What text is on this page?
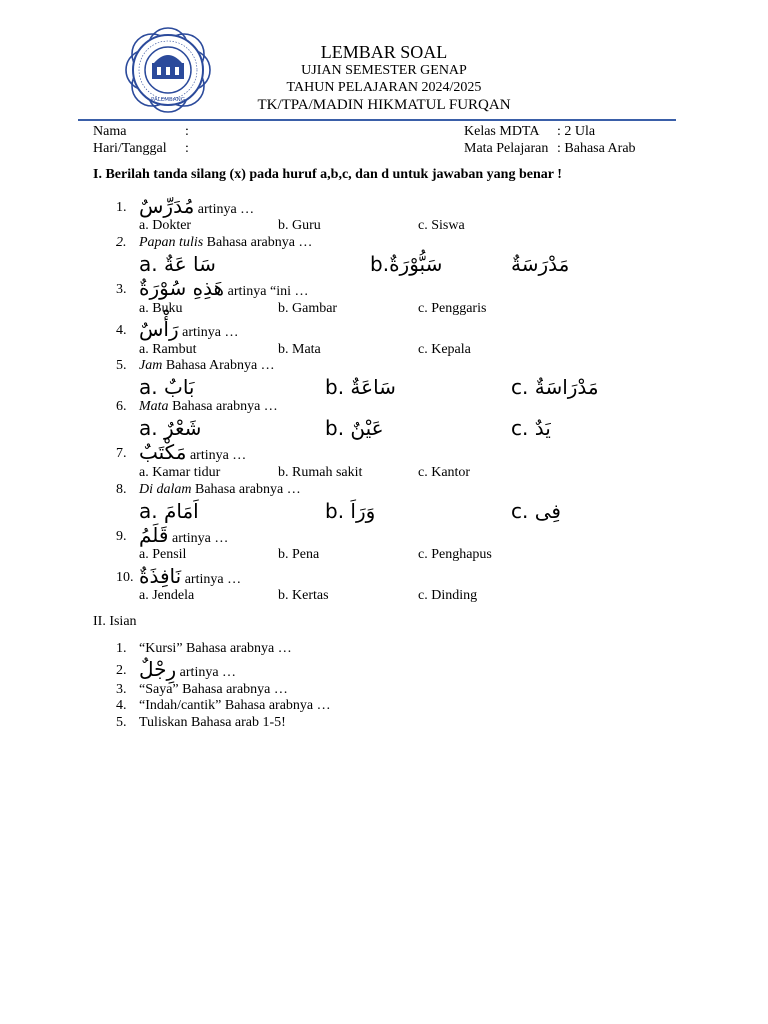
PALEMBANG
LEMBAR SOAL
UJIAN SEMESTER GENAP
TAHUN PELAJARAN 2024/2025
TK/TPA/MADIN HIKMATUL FURQAN
Nama	:
Hari/Tanggal :
Kelas MDTA : 2 Ula
Mata Pelajaran : Bahasa Arab
I. Berilah tanda silang (x) pada huruf a,b,c, dan d untuk jawaban yang benar !
1. مُدَرِّسٌ artinya …
a. Dokter	b. Guru	c. Siswa
2. Papan tulis Bahasa arabnya …
a. سَا عَةٌ	b.سَبُّوْرَةٌ	مَدْرَسَةٌ
3. هَذِهِ سُوْرَةٌ artinya “ini …
a. Buku	b. Gambar	c. Penggaris
4. رَأْسٌ artinya …
a. Rambut	b. Mata	c. Kepala
5. Jam Bahasa Arabnya …
a. بَابٌ	b. سَاعَةٌ	c. مَدْرَاسَةٌ
6. Mata Bahasa arabnya …
a. شَعْرٌ	b. عَيْنٌ	c. يَدٌ
7. مَكْتَبٌ artinya …
a. Kamar tidur	b. Rumah sakit	c. Kantor
8. Di dalam Bahasa arabnya …
a. اَمَامَ	b. وَرَاَ	c. فِى
9. قَلَمُ artinya …
a. Pensil	b. Pena	c. Penghapus
10. نَافِذَةٌ artinya …
a. Jendela	b. Kertas	c. Dinding
II. Isian
1. “Kursi” Bahasa arabnya …
2. رِجْلٌ artinya …
3. “Saya” Bahasa arabnya …
4. “Indah/cantik” Bahasa arabnya …
5. Tuliskan Bahasa arab 1-5!
